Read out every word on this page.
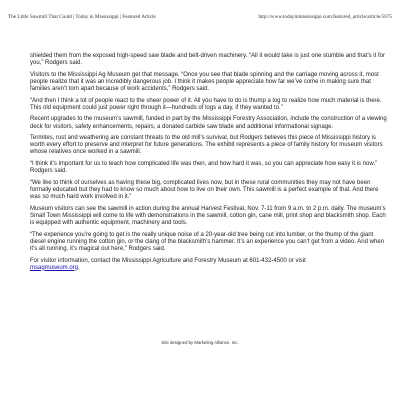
The Little Sawmill That Could | Today in Mississippi | Featured Article	http://www.todayinmississippi.com/featured_article/article/5675

shielded them from the exposed high-speed saw blade and belt-driven machinery. “All it would take is just one stumble and that’s it for you,” Rodgers said.

Visitors to the Mississippi Ag Museum get that message. “Once you see that blade spinning and the carriage moving across it, most people realize that it was an incredibly dangerous job. I think it makes people appreciate how far we’ve come in making sure that families aren’t torn apart because of work accidents,” Rodgers said.

“And then I think a lot of people react to the sheer power of it. All you have to do is thump a log to realize how much material is there. This old equipment could just power right through it—hundreds of logs a day, if they wanted to.”

Recent upgrades to the museum’s sawmill, funded in part by the Mississippi Forestry Association, include the construction of a viewing deck for visitors, safety enhancements, repairs, a donated carbide saw blade and additional informational signage.

Termites, rust and weathering are constant threats to the old mill’s survival, but Rodgers believes this piece of Mississippi history is worth every effort to preserve and interpret for future generations. The exhibit represents a piece of family history for museum visitors whose relatives once worked in a sawmill.

“I think it’s important for us to teach how complicated life was then, and how hard it was, so you can appreciate how easy it is now,” Rodgers said.

“We like to think of ourselves as having these big, complicated lives now, but in these rural communities they may not have been formally educated but they had to know so much about how to live on their own. This sawmill is a perfect example of that. And there was so much hard work involved in it.”

Museum visitors can see the sawmill in action during the annual Harvest Festival, Nov. 7-11 from 9 a.m. to 2 p.m. daily. The museum’s Small Town Mississippi will come to life with demonstrations in the sawmill, cotton gin, cane mill, print shop and blacksmith shop. Each is equipped with authentic equipment, machinery and tools.

“The experience you’re going to get is the really unique noise of a 20-year-old tree being cut into lumber, or the thump of the giant diesel engine running the cotton gin, or the clang of the blacksmith’s hammer. It’s an experience you can’t get from a video. And when it’s all running, it’s magical out here,” Rodgers said.

For visitor information, contact the Mississippi Agriculture and Forestry Museum at 601-432-4500 or visit
msagmuseum.org.

Site designed by Marketing Alliance, Inc.
